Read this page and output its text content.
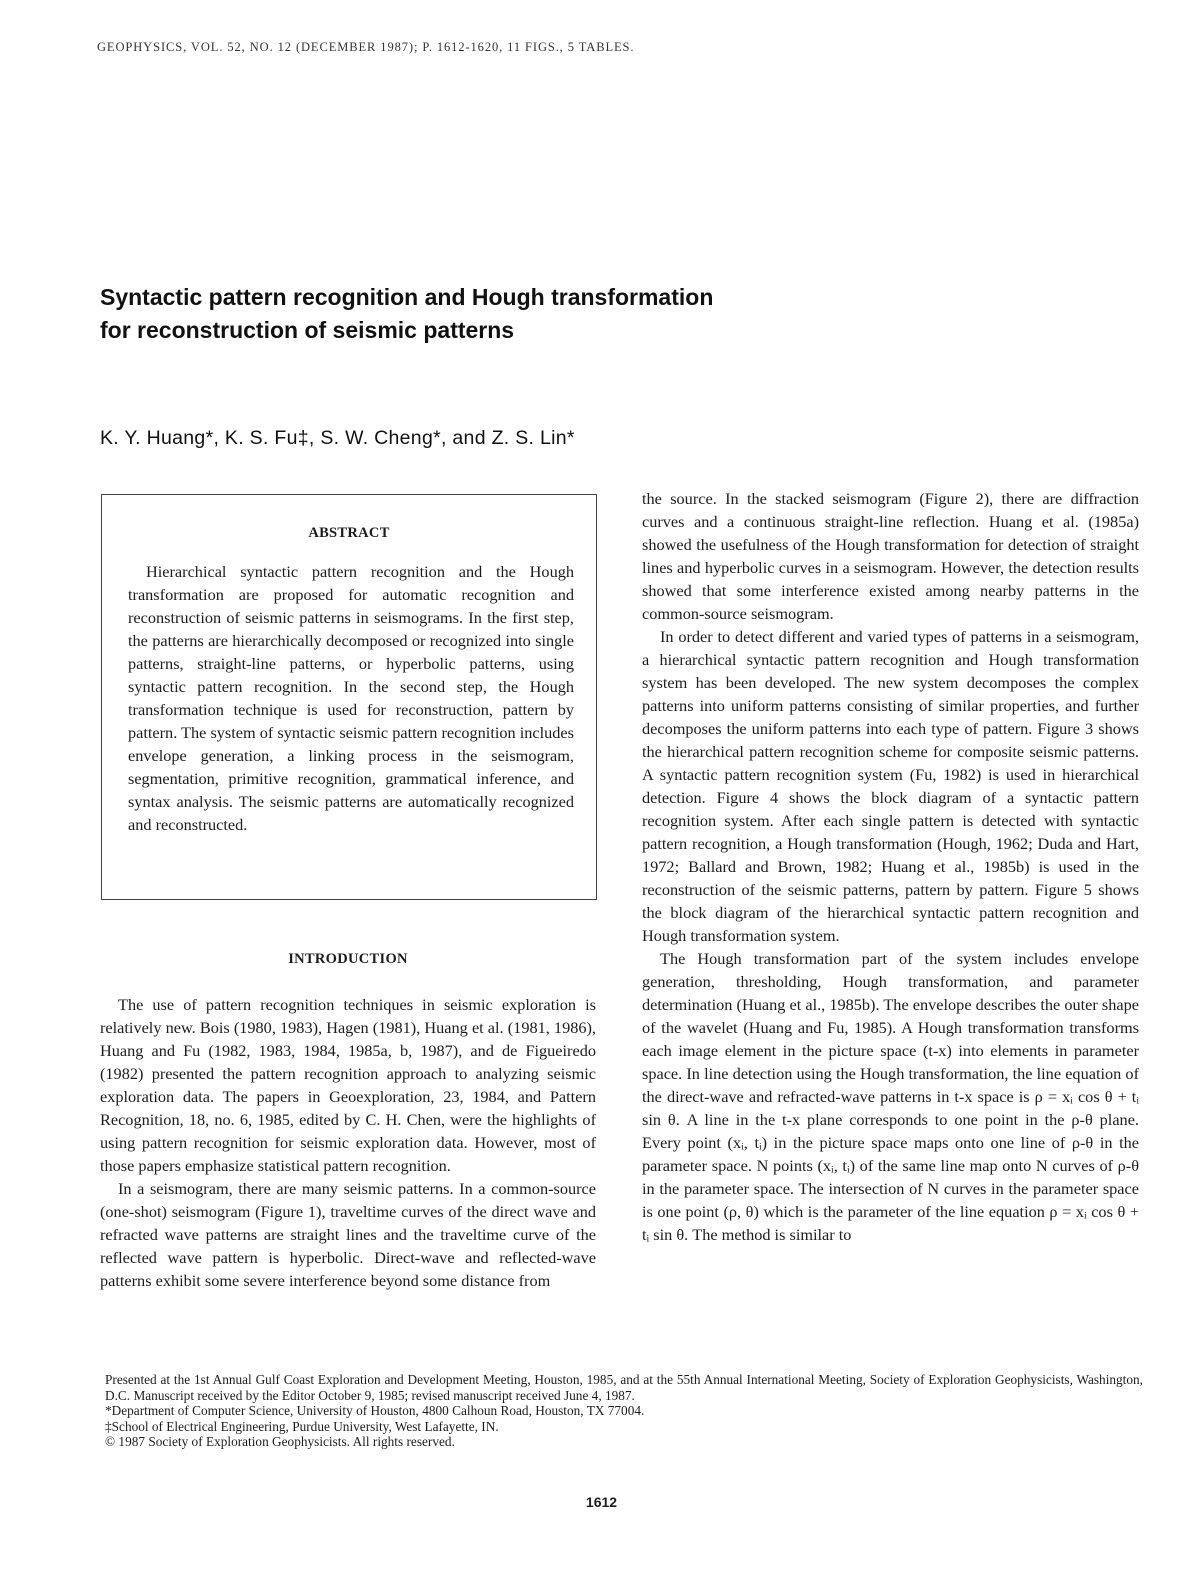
GEOPHYSICS, VOL. 52, NO. 12 (DECEMBER 1987); P. 1612-1620, 11 FIGS., 5 TABLES.
Syntactic pattern recognition and Hough transformation
for reconstruction of seismic patterns
K. Y. Huang*, K. S. Fu‡, S. W. Cheng*, and Z. S. Lin*
ABSTRACT
Hierarchical syntactic pattern recognition and the Hough transformation are proposed for automatic recognition and reconstruction of seismic patterns in seismograms. In the first step, the patterns are hierarchically decomposed or recognized into single patterns, straight-line patterns, or hyperbolic patterns, using syntactic pattern recognition. In the second step, the Hough transformation technique is used for reconstruction, pattern by pattern. The system of syntactic seismic pattern recognition includes envelope generation, a linking process in the seismogram, segmentation, primitive recognition, grammatical inference, and syntax analysis. The seismic patterns are automatically recognized and reconstructed.
INTRODUCTION

The use of pattern recognition techniques in seismic exploration is relatively new. Bois (1980, 1983), Hagen (1981), Huang et al. (1981, 1986), Huang and Fu (1982, 1983, 1984, 1985a, b, 1987), and de Figueiredo (1982) presented the pattern recognition approach to analyzing seismic exploration data. The papers in Geoexploration, 23, 1984, and Pattern Recognition, 18, no. 6, 1985, edited by C. H. Chen, were the highlights of using pattern recognition for seismic exploration data. However, most of those papers emphasize statistical pattern recognition.

In a seismogram, there are many seismic patterns. In a common-source (one-shot) seismogram (Figure 1), traveltime curves of the direct wave and refracted wave patterns are straight lines and the traveltime curve of the reflected wave pattern is hyperbolic. Direct-wave and reflected-wave patterns exhibit some severe interference beyond some distance from

the source. In the stacked seismogram (Figure 2), there are diffraction curves and a continuous straight-line reflection. Huang et al. (1985a) showed the usefulness of the Hough transformation for detection of straight lines and hyperbolic curves in a seismogram. However, the detection results showed that some interference existed among nearby patterns in the common-source seismogram.

In order to detect different and varied types of patterns in a seismogram, a hierarchical syntactic pattern recognition and Hough transformation system has been developed. The new system decomposes the complex patterns into uniform patterns consisting of similar properties, and further decomposes the uniform patterns into each type of pattern. Figure 3 shows the hierarchical pattern recognition scheme for composite seismic patterns. A syntactic pattern recognition system (Fu, 1982) is used in hierarchical detection. Figure 4 shows the block diagram of a syntactic pattern recognition system. After each single pattern is detected with syntactic pattern recognition, a Hough transformation (Hough, 1962; Duda and Hart, 1972; Ballard and Brown, 1982; Huang et al., 1985b) is used in the reconstruction of the seismic patterns, pattern by pattern. Figure 5 shows the block diagram of the hierarchical syntactic pattern recognition and Hough transformation system.

The Hough transformation part of the system includes envelope generation, thresholding, Hough transformation, and parameter determination (Huang et al., 1985b). The envelope describes the outer shape of the wavelet (Huang and Fu, 1985). A Hough transformation transforms each image element in the picture space (t-x) into elements in parameter space. In line detection using the Hough transformation, the line equation of the direct-wave and refracted-wave patterns in t-x space is ρ = xᵢ cos θ + tᵢ sin θ. A line in the t-x plane corresponds to one point in the ρ-θ plane. Every point (xᵢ, tᵢ) in the picture space maps onto one line of ρ-θ in the parameter space. N points (xᵢ, tᵢ) of the same line map onto N curves of ρ-θ in the parameter space. The intersection of N curves in the parameter space is one point (ρ, θ) which is the parameter of the line equation ρ = xᵢ cos θ + tᵢ sin θ. The method is similar to

Presented at the 1st Annual Gulf Coast Exploration and Development Meeting, Houston, 1985, and at the 55th Annual International Meeting, Society of Exploration Geophysicists, Washington, D.C. Manuscript received by the Editor October 9, 1985; revised manuscript received June 4, 1987.
*Department of Computer Science, University of Houston, 4800 Calhoun Road, Houston, TX 77004.
‡School of Electrical Engineering, Purdue University, West Lafayette, IN.
© 1987 Society of Exploration Geophysicists. All rights reserved.
1612
